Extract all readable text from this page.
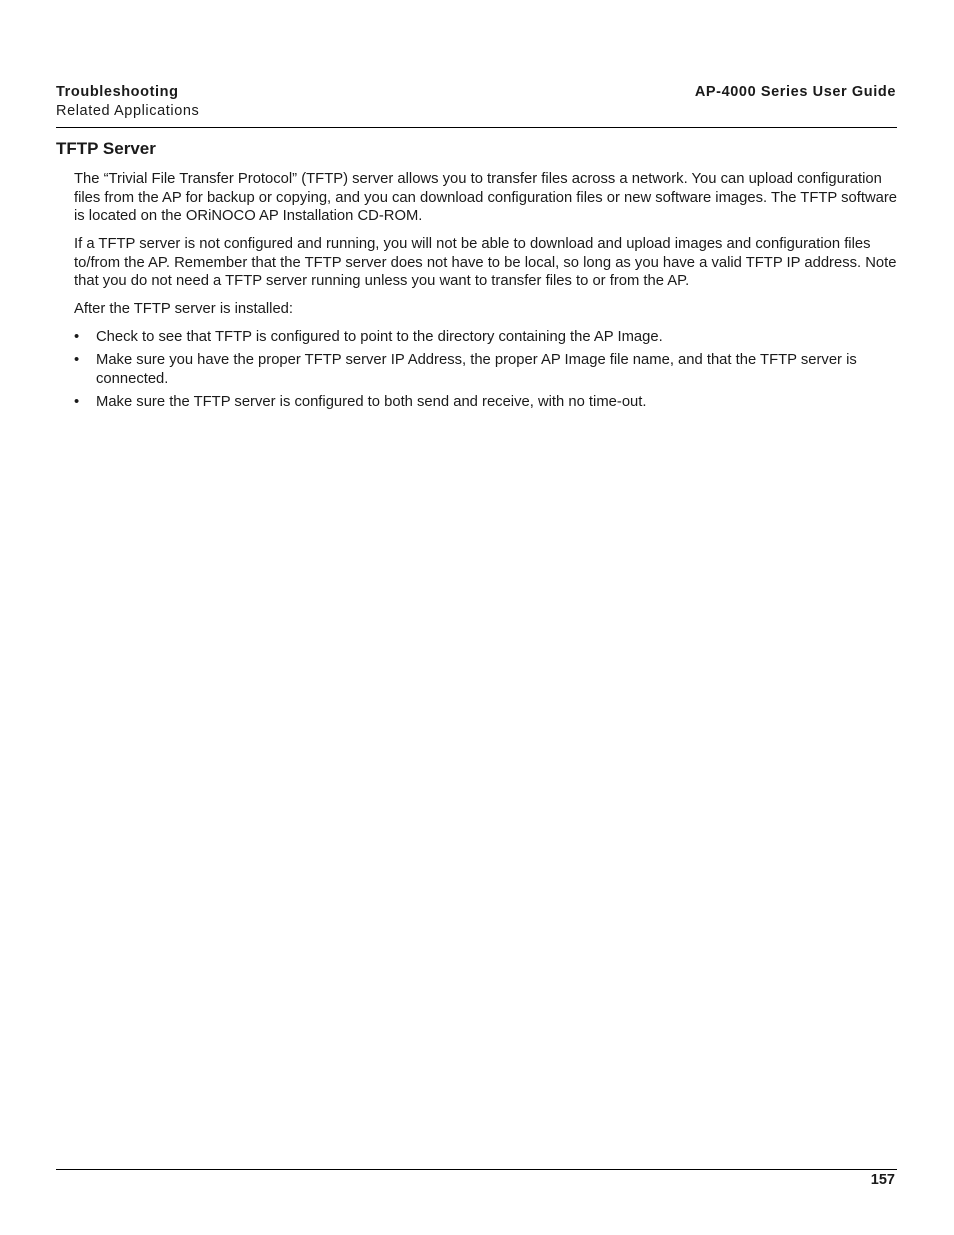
Troubleshooting
Related Applications
AP-4000 Series User Guide
TFTP Server

The “Trivial File Transfer Protocol” (TFTP) server allows you to transfer files across a network. You can upload configuration files from the AP for backup or copying, and you can download configuration files or new software images. The TFTP software is located on the ORiNOCO AP Installation CD-ROM.

If a TFTP server is not configured and running, you will not be able to download and upload images and configuration files to/from the AP. Remember that the TFTP server does not have to be local, so long as you have a valid TFTP IP address. Note that you do not need a TFTP server running unless you want to transfer files to or from the AP.

After the TFTP server is installed:

• Check to see that TFTP is configured to point to the directory containing the AP Image.
• Make sure you have the proper TFTP server IP Address, the proper AP Image file name, and that the TFTP server is connected.
• Make sure the TFTP server is configured to both send and receive, with no time-out.
157
